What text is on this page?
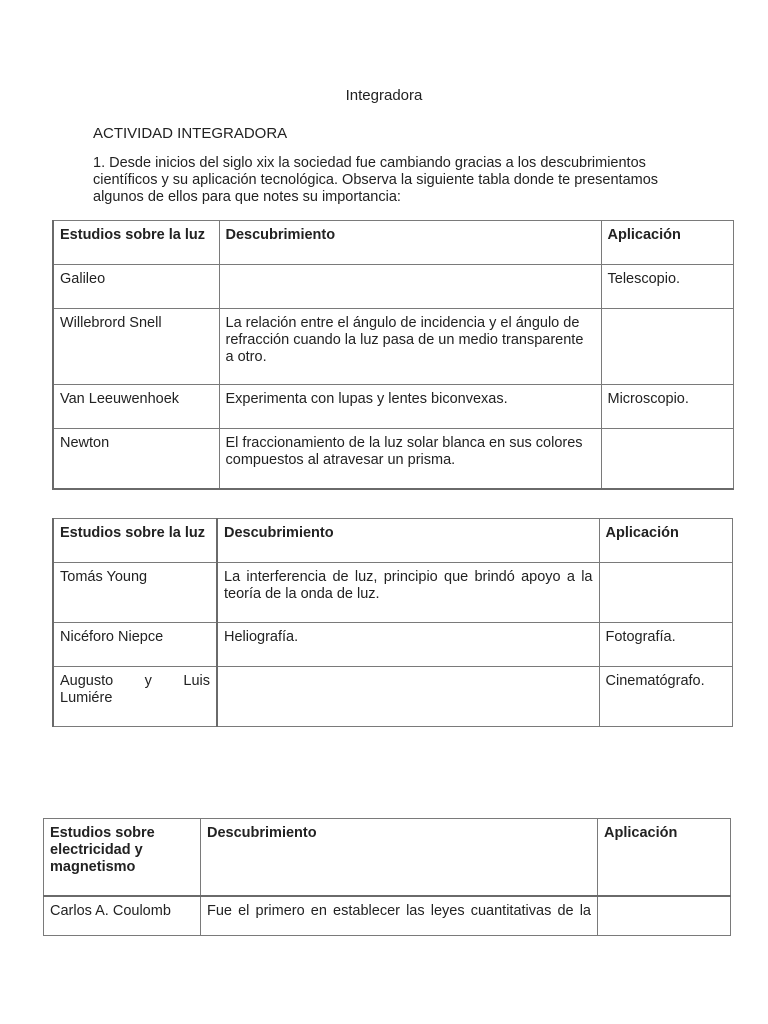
Integradora
ACTIVIDAD INTEGRADORA
1. Desde inicios del siglo xix la sociedad fue cambiando gracias a los descubrimientos científicos y su aplicación tecnológica. Observa la siguiente tabla donde te presentamos algunos de ellos para que notes su importancia:
Estudios sobre la luz	Descubrimiento	Aplicación
Galileo		Telescopio.
Willebrord Snell	La relación entre el ángulo de incidencia y el ángulo de refracción cuando la luz pasa de un medio transparente a otro.	
Van Leeuwenhoek	Experimenta con lupas y lentes biconvexas.	Microscopio.
Newton	El fraccionamiento de la luz solar blanca en sus colores compuestos al atravesar un prisma.	
Estudios sobre la luz	Descubrimiento	Aplicación
Tomás Young	La interferencia de luz, principio que brindó apoyo a la teoría de la onda de luz.	
Nicéforo Niepce	Heliografía.	Fotografía.
Augusto y Luis Lumiére		Cinematógrafo.
Estudios sobre electricidad y magnetismo	Descubrimiento	Aplicación
Carlos A. Coulomb	Fue el primero en establecer las leyes cuantitativas de la	
